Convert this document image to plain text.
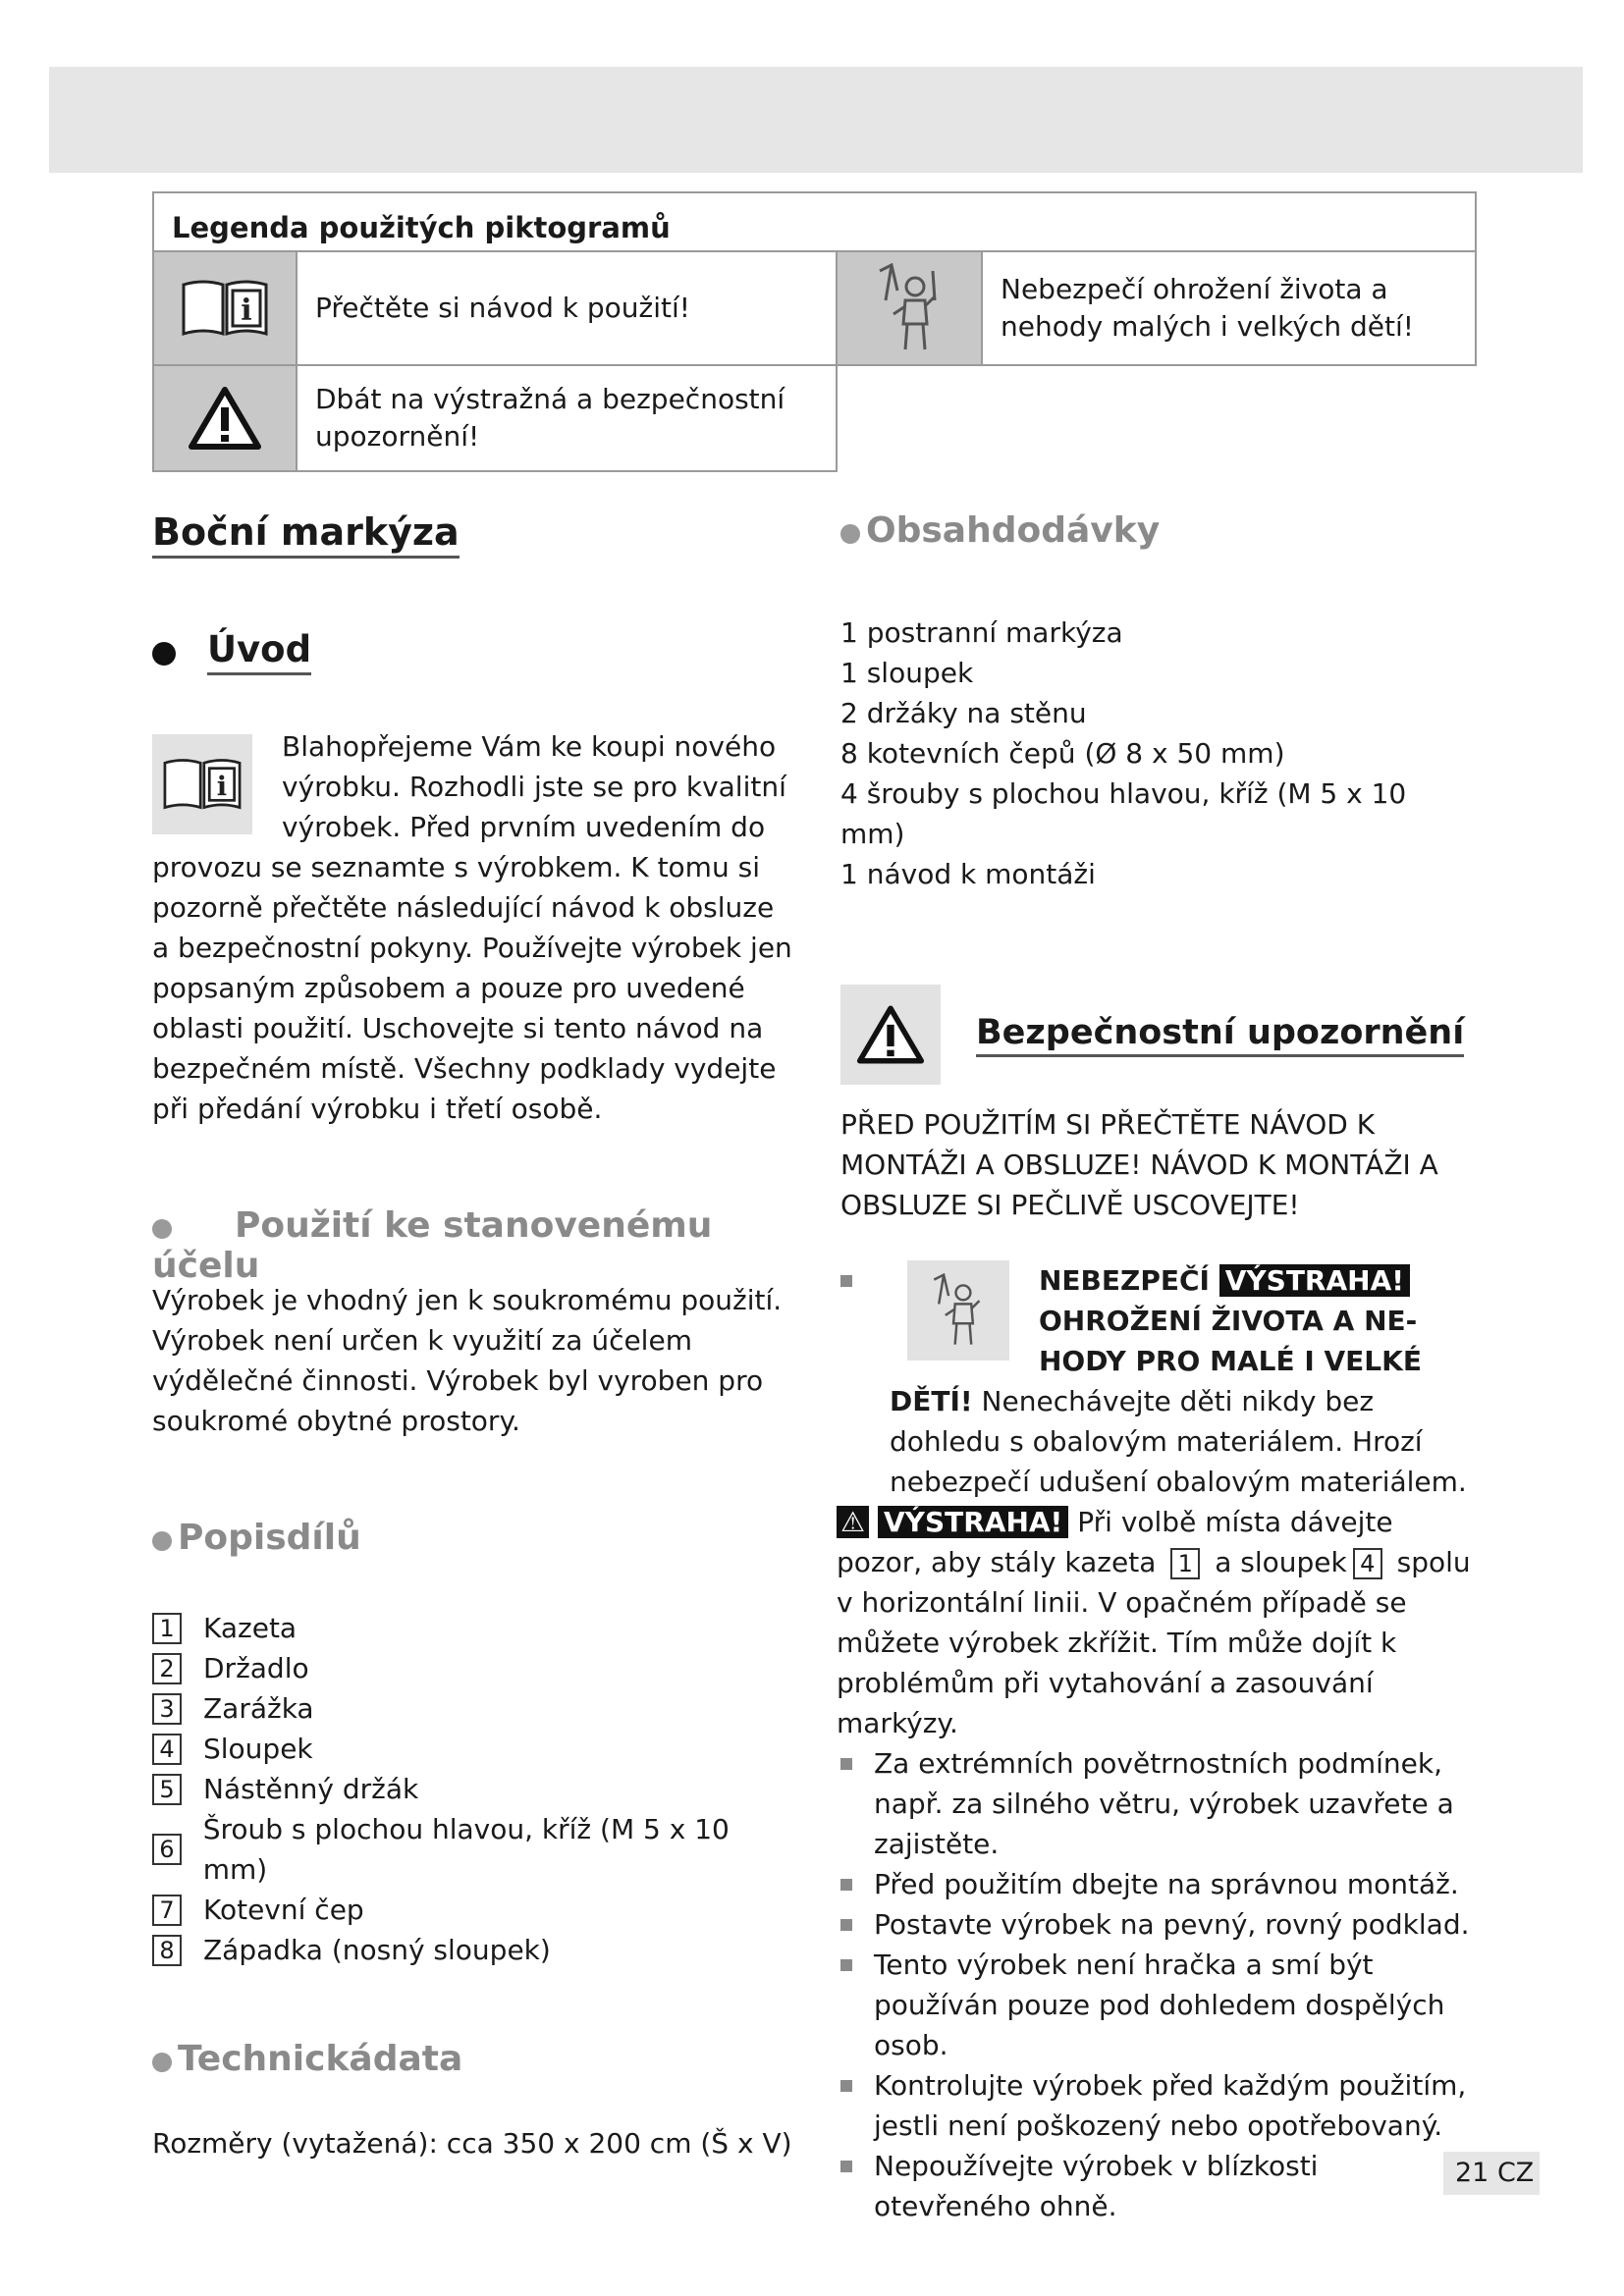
Legenda použitých piktogramů
i	Přečtěte si návod k použití!
Nebezpečí ohrožení života a nehody malých i velkých dětí!
Dbát na výstražná a bezpečnostní upozornění!
Boční markýza
Úvod
i

Blahopřejeme Vám ke koupi nového výrobku. Rozhodli jste se pro kvalitní výrobek. Před prvním uvedením do provozu se seznamte s výrobkem. K tomu si pozorně přečtěte následující návod k obsluze a bezpečnostní pokyny. Používejte výrobek jen popsaným způsobem a pouze pro uvedené oblasti použití. Uschovejte si tento návod na bezpečném místě. Všechny podklady vydejte při předání výrobku i třetí osobě.

Použití ke stanovenému účelu

Výrobek je vhodný jen k soukromému použití. Výrobek není určen k využití za účelem výdělečné činnosti. Výrobek byl vyroben pro soukromé obytné prostory.

Popisdílů
1 Kazeta
2 Držadlo
3 Zarážka
4 Sloupek
5 Nástěnný držák
6
Šroub s plochou hlavou, kříž (M 5 x 10 mm)
7 Kotevní čep
8 Západka (nosný sloupek)
Technickádata

Rozměry (vytažená): cca 350 x 200 cm (Š x V)

Obsahdodávky
1 postranní markýza
1 sloupek
2 držáky na stěnu
8 kotevních čepů (Ø 8 x 50 mm)
4 šrouby s plochou hlavou, kříž (M 5 x 10 mm)
1 návod k montáži
Bezpečnostní upozornění

PŘED POUŽITÍM SI PŘEČTĚTE NÁVOD K MONTÁŽI A OBSLUZE! NÁVOD K MONTÁŽI A OBSLUZE SI PEČLIVĚ USCOVEJTE!

NEBEZPEČÍ VÝSTRAHA!
OHROŽENÍ ŽIVOTA A NE-
HODY PRO MALÉ I VELKÉ

DĚTÍ! Nenechávejte děti nikdy bez dohledu s obalovým materiálem. Hrozí nebezpečí udušení obalovým materiálem.

⚠ VÝSTRAHA! Při volbě místa dávejte pozor, aby stály kazeta 1 a sloupek 4 spolu v horizontální linii. V opačném případě se můžete výrobek zkřížit. Tím může dojít k problémům při vytahování a zasouvání markýzy.

Za extrémních povětrnostních podmínek, např. za silného větru, výrobek uzavřete a zajistěte.
Před použitím dbejte na správnou montáž.
Postavte výrobek na pevný, rovný podklad.
Tento výrobek není hračka a smí být používán pouze pod dohledem dospělých osob.
Kontrolujte výrobek před každým použitím, jestli není poškozený nebo opotřebovaný.
Nepoužívejte výrobek v blízkosti otevřeného ohně.
21 CZ
